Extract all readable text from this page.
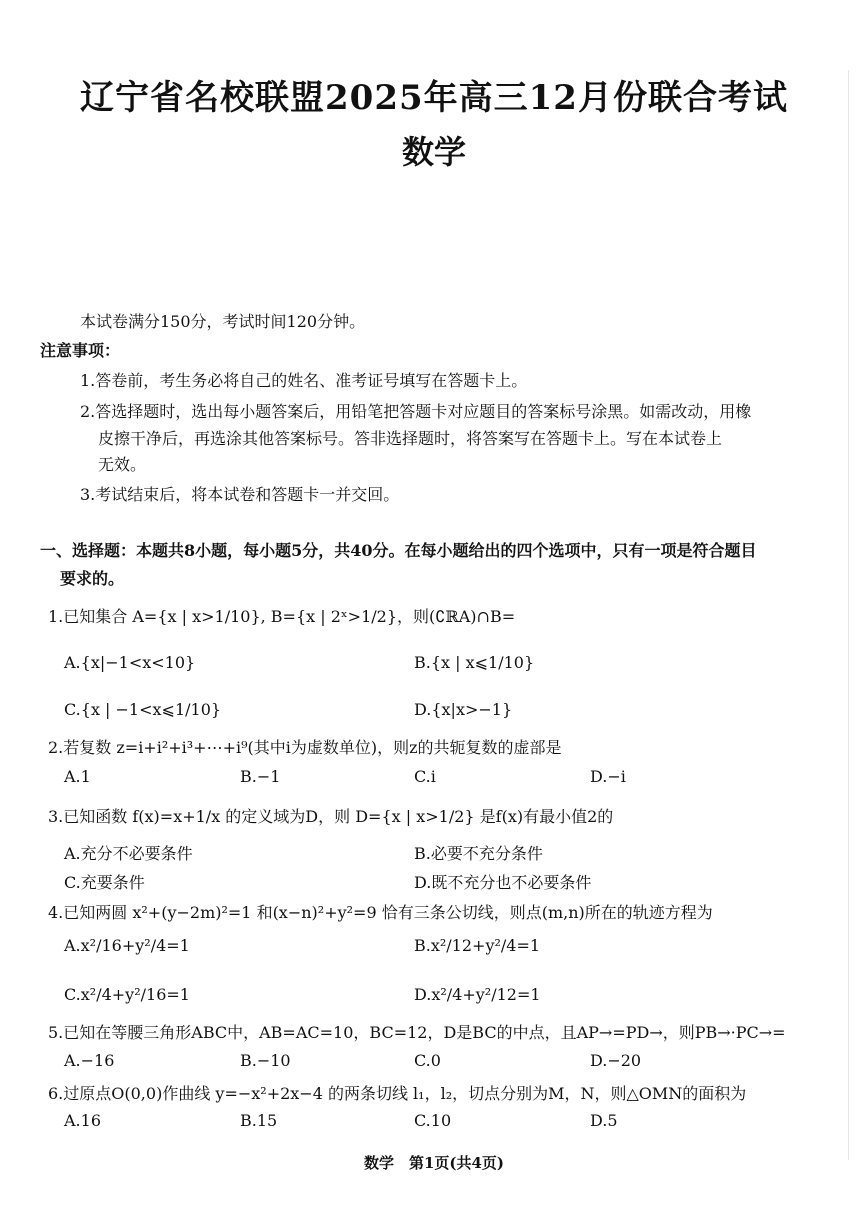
辽宁省名校联盟2025年高三12月份联合考试
数学
本试卷满分150分，考试时间120分钟。
注意事项：
1.答卷前，考生务必将自己的姓名、准考证号填写在答题卡上。
2.答选择题时，选出每小题答案后，用铅笔把答题卡对应题目的答案标号涂黑。如需改动，用橡
皮擦干净后，再选涂其他答案标号。答非选择题时，将答案写在答题卡上。写在本试卷上
无效。
3.考试结束后，将本试卷和答题卡一并交回。
一、选择题：本题共8小题，每小题5分，共40分。在每小题给出的四个选项中，只有一项是符合题目
要求的。
1.已知集合 A={x | x>1/10}, B={x | 2ˣ>1/2}，则(∁ℝA)∩B=
A.{x|−1<x<10}	B.{x | x⩽1/10}
C.{x | −1<x⩽1/10}	D.{x|x>−1}
2.若复数 z=i+i²+i³+⋯+i⁹(其中i为虚数单位)，则z的共轭复数的虚部是
A.1	B.−1	C.i	D.−i
3.已知函数 f(x)=x+1/x 的定义域为D，则 D={x | x>1/2} 是f(x)有最小值2的
A.充分不必要条件	B.必要不充分条件
C.充要条件	D.既不充分也不必要条件
4.已知两圆 x²+(y−2m)²=1 和(x−n)²+y²=9 恰有三条公切线，则点(m,n)所在的轨迹方程为
A.x²/16+y²/4=1	B.x²/12+y²/4=1
C.x²/4+y²/16=1	D.x²/4+y²/12=1
5.已知在等腰三角形ABC中，AB=AC=10，BC=12，D是BC的中点，且AP→=PD→，则PB→·PC→=
A.−16	B.−10	C.0	D.−20
6.过原点O(0,0)作曲线 y=−x²+2x−4 的两条切线 l₁，l₂，切点分别为M，N，则△OMN的面积为
A.16	B.15	C.10	D.5
数学　第1页(共4页)
